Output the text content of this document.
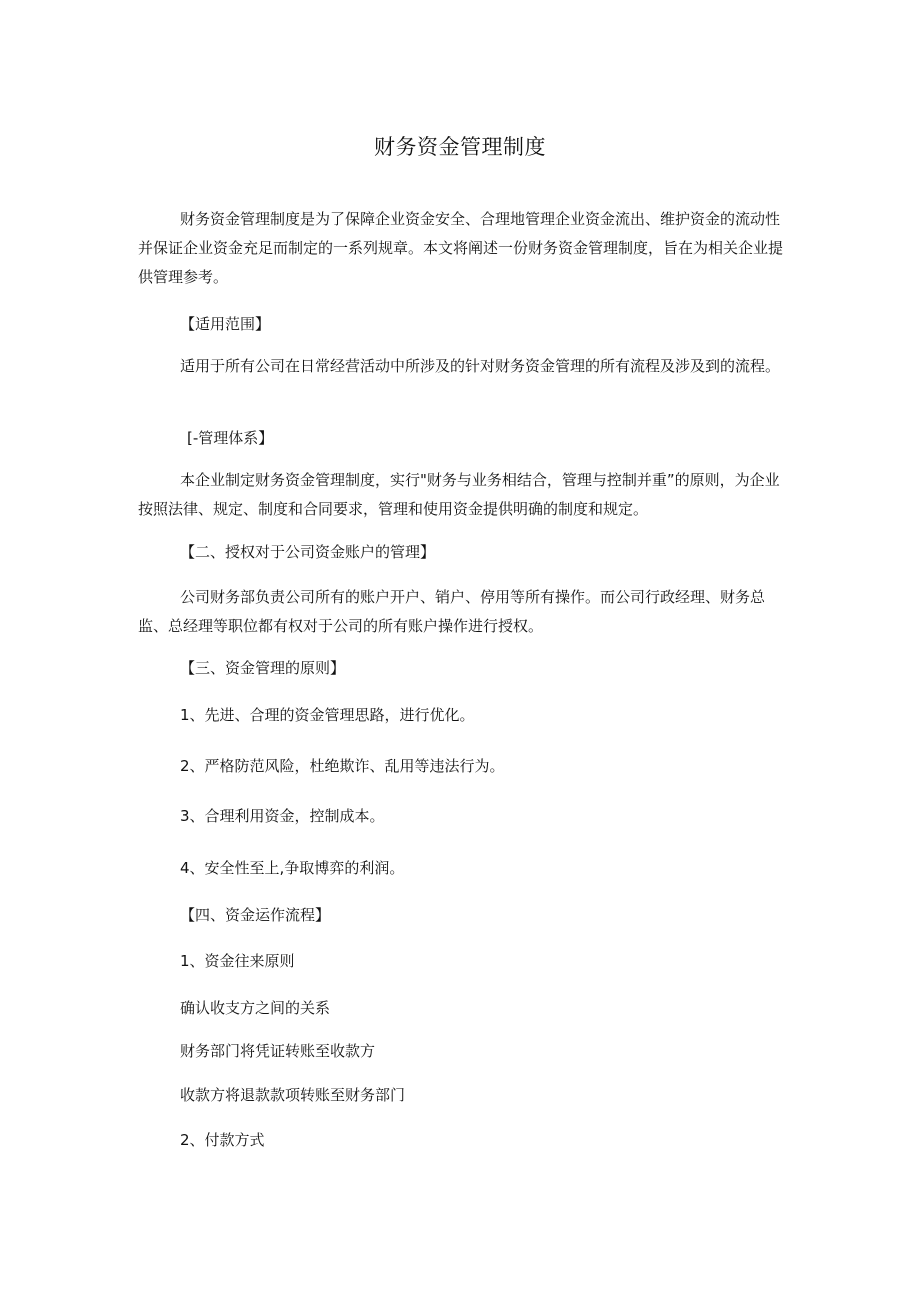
财务资金管理制度

财务资金管理制度是为了保障企业资金安全、合理地管理企业资金流出、维护资金的流动性并保证企业资金充足而制定的一系列规章。本文将阐述一份财务资金管理制度，旨在为相关企业提供管理参考。

【适用范围】

适用于所有公司在日常经营活动中所涉及的针对财务资金管理的所有流程及涉及到的流程。

[-管理体系】

本企业制定财务资金管理制度，实行"财务与业务相结合，管理与控制并重”的原则，为企业按照法律、规定、制度和合同要求，管理和使用资金提供明确的制度和规定。

【二、授权对于公司资金账户的管理】

公司财务部负责公司所有的账户开户、销户、停用等所有操作。而公司行政经理、财务总监、总经理等职位都有权对于公司的所有账户操作进行授权。

【三、资金管理的原则】

1、先进、合理的资金管理思路，进行优化。

2、严格防范风险，杜绝欺诈、乱用等违法行为。

3、合理利用资金，控制成本。

4、安全性至上,争取博弈的利润。

【四、资金运作流程】

1、资金往来原则

确认收支方之间的关系

财务部门将凭证转账至收款方

收款方将退款款项转账至财务部门

2、付款方式
